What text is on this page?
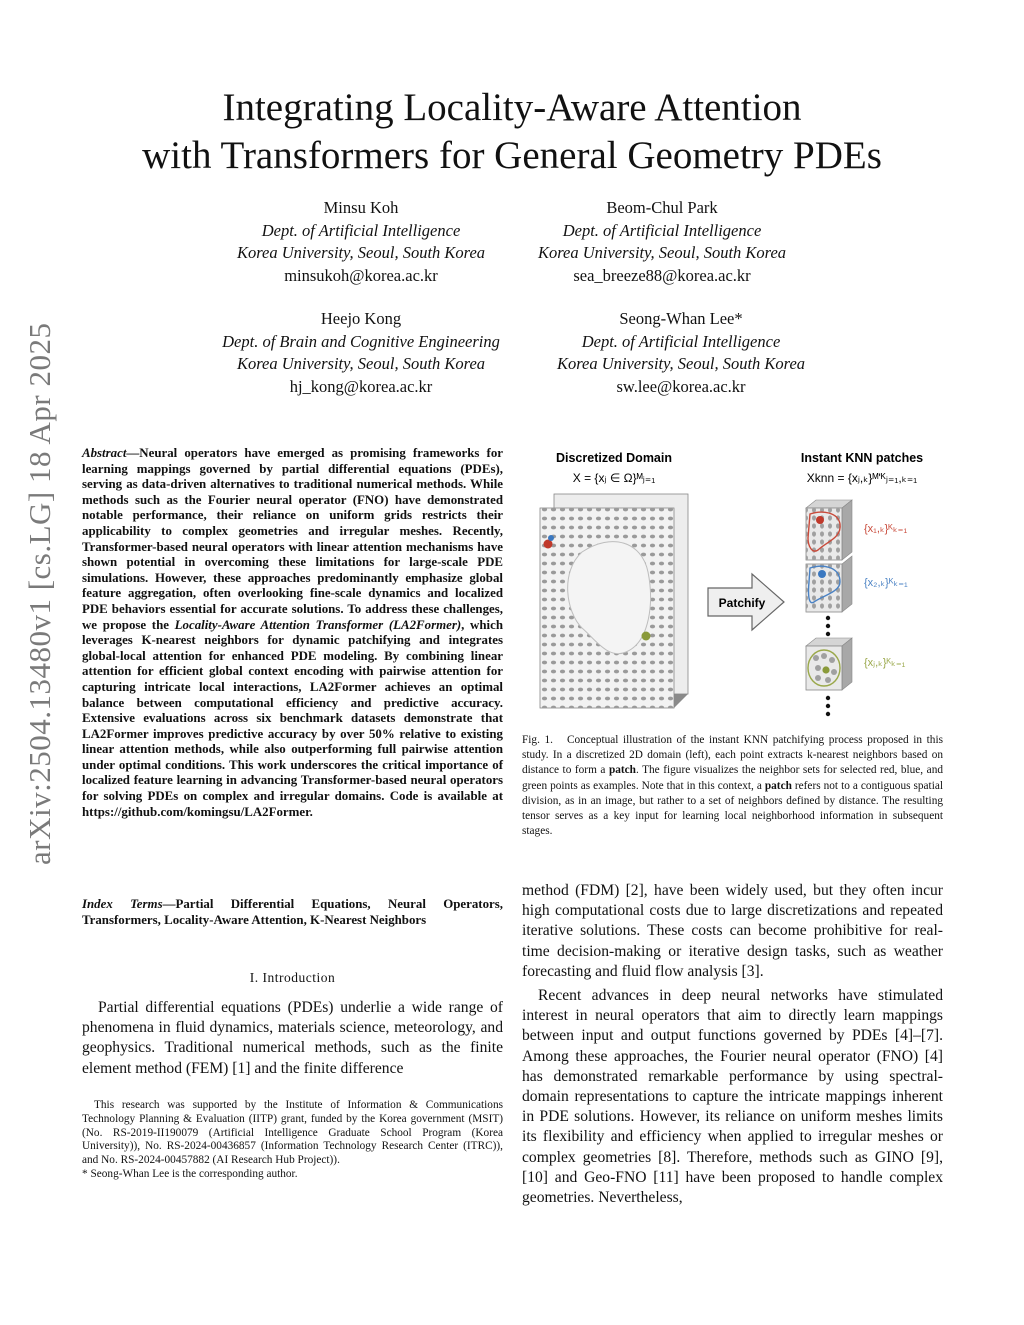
arXiv:2504.13480v1 [cs.LG] 18 Apr 2025
Integrating Locality-Aware Attention
with Transformers for General Geometry PDEs
Minsu Koh
Dept. of Artificial Intelligence
Korea University, Seoul, South Korea
minsukoh@korea.ac.kr
Beom-Chul Park
Dept. of Artificial Intelligence
Korea University, Seoul, South Korea
sea_breeze88@korea.ac.kr
Heejo Kong
Dept. of Brain and Cognitive Engineering
Korea University, Seoul, South Korea
hj_kong@korea.ac.kr
Seong-Whan Lee*
Dept. of Artificial Intelligence
Korea University, Seoul, South Korea
sw.lee@korea.ac.kr
Abstract—Neural operators have emerged as promising frameworks for learning mappings governed by partial differential equations (PDEs), serving as data-driven alternatives to traditional numerical methods. While methods such as the Fourier neural operator (FNO) have demonstrated notable performance, their reliance on uniform grids restricts their applicability to complex geometries and irregular meshes. Recently, Transformer-based neural operators with linear attention mechanisms have shown potential in overcoming these limitations for large-scale PDE simulations. However, these approaches predominantly emphasize global feature aggregation, often overlooking fine-scale dynamics and localized PDE behaviors essential for accurate solutions. To address these challenges, we propose the Locality-Aware Attention Transformer (LA2Former), which leverages K-nearest neighbors for dynamic patchifying and integrates global-local attention for enhanced PDE modeling. By combining linear attention for efficient global context encoding with pairwise attention for capturing intricate local interactions, LA2Former achieves an optimal balance between computational efficiency and predictive accuracy. Extensive evaluations across six benchmark datasets demonstrate that LA2Former improves predictive accuracy by over 50% relative to existing linear attention methods, while also outperforming full pairwise attention under optimal conditions. This work underscores the critical importance of localized feature learning in advancing Transformer-based neural operators for solving PDEs on complex and irregular domains. Code is available at https://github.com/komingsu/LA2Former.
Index Terms—Partial Differential Equations, Neural Operators, Transformers, Locality-Aware Attention, K-Nearest Neighbors
I. Introduction
Partial differential equations (PDEs) underlie a wide range of phenomena in fluid dynamics, materials science, meteorology, and geophysics. Traditional numerical methods, such as the finite element method (FEM) [1] and the finite difference

This research was supported by the Institute of Information & Communications Technology Planning & Evaluation (IITP) grant, funded by the Korea government (MSIT) (No. RS-2019-II190079 (Artificial Intelligence Graduate School Program (Korea University)), No. RS-2024-00436857 (Information Technology Research Center (ITRC)), and No. RS-2024-00457882 (AI Research Hub Project)).

* Seong-Whan Lee is the corresponding author.

Discretized Domain
X = {xⱼ ∈ Ω}ᴹⱼ₌₁
Instant KNN patches
Xknn = {xⱼ,ₖ}ᴹ'ᴷⱼ₌₁,ₖ₌₁
Patchify
{x₁,ₖ}ᴷₖ₌₁
{x₂,ₖ}ᴷₖ₌₁
{xⱼ,ₖ}ᴷₖ₌₁
Fig. 1. Conceptual illustration of the instant KNN patchifying process proposed in this study. In a discretized 2D domain (left), each point extracts k-nearest neighbors based on distance to form a patch. The figure visualizes the neighbor sets for selected red, blue, and green points as examples. Note that in this context, a patch refers not to a contiguous spatial division, as in an image, but rather to a set of neighbors defined by distance. The resulting tensor serves as a key input for learning local neighborhood information in subsequent stages.

method (FDM) [2], have been widely used, but they often incur high computational costs due to large discretizations and repeated iterative solutions. These costs can become prohibitive for real-time decision-making or iterative design tasks, such as weather forecasting and fluid flow analysis [3].

Recent advances in deep neural networks have stimulated interest in neural operators that aim to directly learn mappings between input and output functions governed by PDEs [4]–[7]. Among these approaches, the Fourier neural operator (FNO) [4] has demonstrated remarkable performance by using spectral-domain representations to capture the intricate mappings inherent in PDE solutions. However, its reliance on uniform meshes limits its flexibility and efficiency when applied to irregular meshes or complex geometries [8]. Therefore, methods such as GINO [9], [10] and Geo-FNO [11] have been proposed to handle complex geometries. Nevertheless,
